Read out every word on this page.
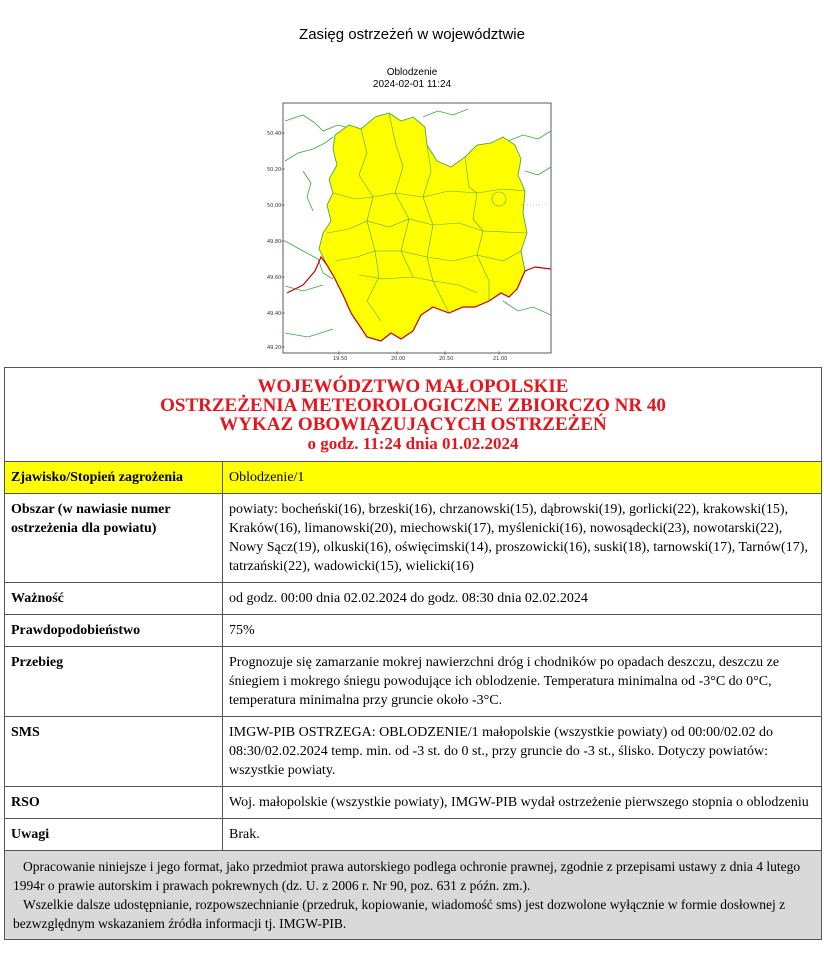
Zasięg ostrzeżeń w województwie
Oblodzenie
2024-02-01 11:24
50.40
50.20
50.00
49.80
49.60
49.40
49.20
19.50	20.00	20.50	21.00
WOJEWÓDZTWO MAŁOPOLSKIE
OSTRZEŻENIA METEOROLOGICZNE ZBIORCZO NR 40
WYKAZ OBOWIĄZUJĄCYCH OSTRZEŻEŃ
o godz. 11:24 dnia 01.02.2024	

Zjawisko/Stopień zagrożenia	Oblodzenie/1
Obszar (w nawiasie numer ostrzeżenia dla powiatu)	powiaty: bocheński(16), brzeski(16), chrzanowski(15), dąbrowski(19), gorlicki(22), krakowski(15), Kraków(16), limanowski(20), miechowski(17), myślenicki(16), nowosądecki(23), nowotarski(22), Nowy Sącz(19), olkuski(16), oświęcimski(14), proszowicki(16), suski(18), tarnowski(17), Tarnów(17), tatrzański(22), wadowicki(15), wielicki(16)
Ważność	od godz. 00:00 dnia 02.02.2024 do godz. 08:30 dnia 02.02.2024
Prawdopodobieństwo	75%
Przebieg	Prognozuje się zamarzanie mokrej nawierzchni dróg i chodników po opadach deszczu, deszczu ze śniegiem i mokrego śniegu powodujące ich oblodzenie. Temperatura minimalna od -3°C do 0°C, temperatura minimalna przy gruncie około -3°C.
SMS	IMGW-PIB OSTRZEGA: OBLODZENIE/1 małopolskie (wszystkie powiaty) od 00:00/02.02 do 08:30/02.02.2024 temp. min. od -3 st. do 0 st., przy gruncie do -3 st., ślisko. Dotyczy powiatów: wszystkie powiaty.
RSO	Woj. małopolskie (wszystkie powiaty), IMGW-PIB wydał ostrzeżenie pierwszego stopnia o oblodzeniu
Uwagi	Brak.

Opracowanie niniejsze i jego format, jako przedmiot prawa autorskiego podlega ochronie prawnej, zgodnie z przepisami ustawy z dnia 4 lutego 1994r o prawie autorskim i prawach pokrewnych (dz. U. z 2006 r. Nr 90, poz. 631 z późn. zm.).

Wszelkie dalsze udostępnianie, rozpowszechnianie (przedruk, kopiowanie, wiadomość sms) jest dozwolone wyłącznie w formie dosłownej z bezwzględnym wskazaniem źródła informacji tj. IMGW-PIB.	
